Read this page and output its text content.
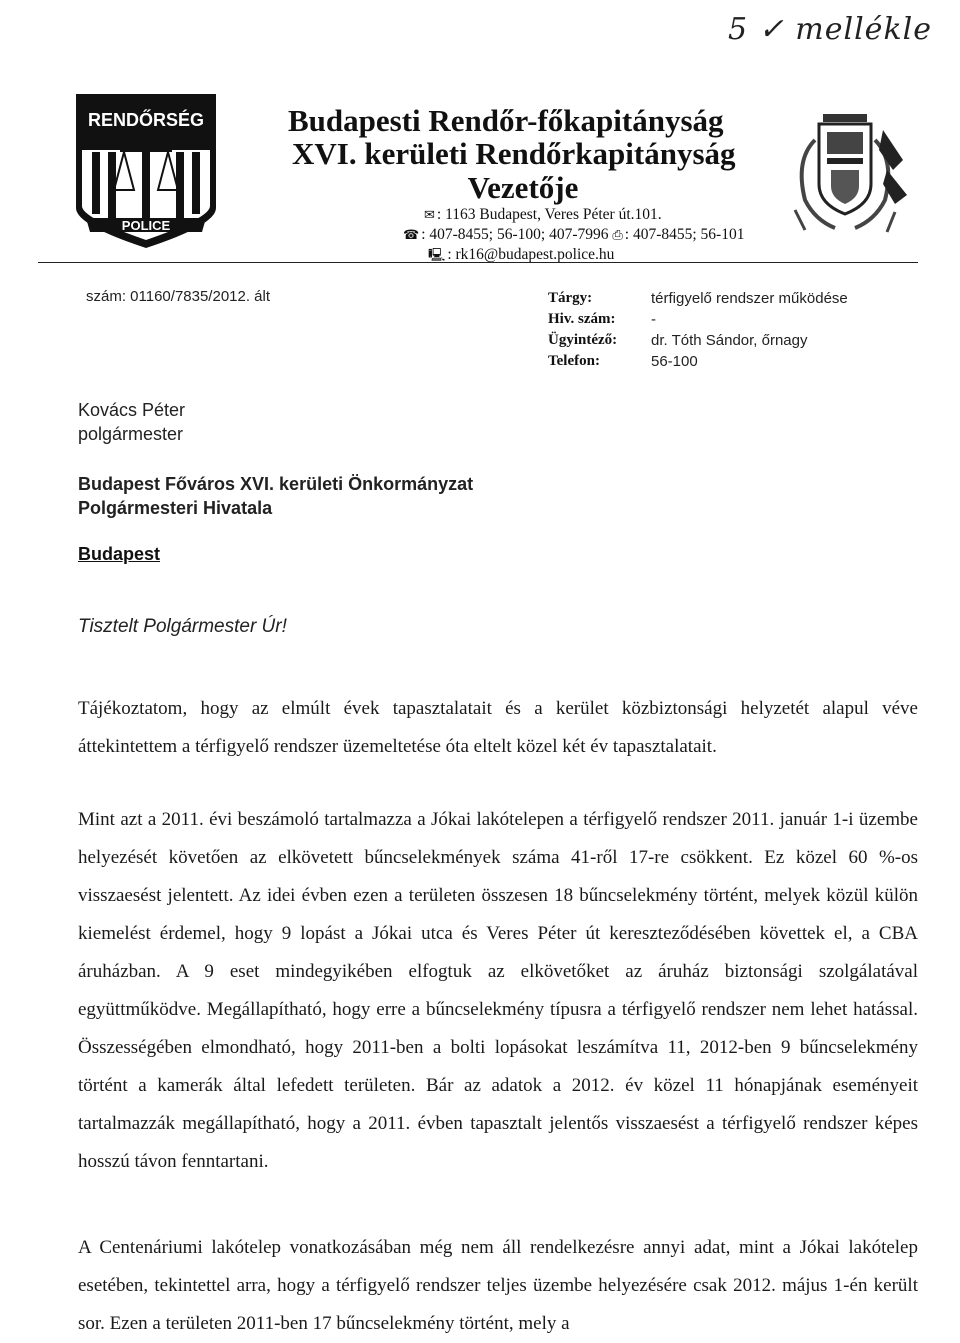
5 ✓ mellékle
RENDŐRSÉG
POLICE
Budapesti Rendőr-főkapitányság
XVI. kerületi Rendőrkapitányság
Vezetője
✉ : 1163 Budapest, Veres Péter út.101.
☎ : 407-8455; 56-100; 407-7996 ⎙ : 407-8455; 56-101
🖳 : rk16@budapest.police.hu
szám: 01160/7835/2012. ált	Tárgy:	térfigyelő rendszer működése
Hiv. szám:	-
Ügyintéző:	dr. Tóth Sándor, őrnagy
Telefon:	56-100
Kovács Péter
polgármester
Budapest Főváros XVI. kerületi Önkormányzat
Polgármesteri Hivatala
Budapest
Tisztelt Polgármester Úr!
Tájékoztatom, hogy az elmúlt évek tapasztalatait és a kerület közbiztonsági helyzetét alapul véve áttekintettem a térfigyelő rendszer üzemeltetése óta eltelt közel két év tapasztalatait.
Mint azt a 2011. évi beszámoló tartalmazza a Jókai lakótelepen a térfigyelő rendszer 2011. január 1-i üzembe helyezését követően az elkövetett bűncselekmények száma 41-ről 17-re csökkent. Ez közel 60 %-os visszaesést jelentett. Az idei évben ezen a területen összesen 18 bűncselekmény történt, melyek közül külön kiemelést érdemel, hogy 9 lopást a Jókai utca és Veres Péter út kereszteződésében követtek el, a CBA áruházban. A 9 eset mindegyikében elfogtuk az elkövetőket az áruház biztonsági szolgálatával együttműködve. Megállapítható, hogy erre a bűncselekmény típusra a térfigyelő rendszer nem lehet hatással. Összességében elmondható, hogy 2011-ben a bolti lopásokat leszámítva 11, 2012-ben 9 bűncselekmény történt a kamerák által lefedett területen. Bár az adatok a 2012. év közel 11 hónapjának eseményeit tartalmazzák megállapítható, hogy a 2011. évben tapasztalt jelentős visszaesést a térfigyelő rendszer képes hosszú távon fenntartani.
A Centenáriumi lakótelep vonatkozásában még nem áll rendelkezésre annyi adat, mint a Jókai lakótelep esetében, tekintettel arra, hogy a térfigyelő rendszer teljes üzembe helyezésére csak 2012. május 1-én került sor. Ezen a területen 2011-ben 17 bűncselekmény történt, mely a
